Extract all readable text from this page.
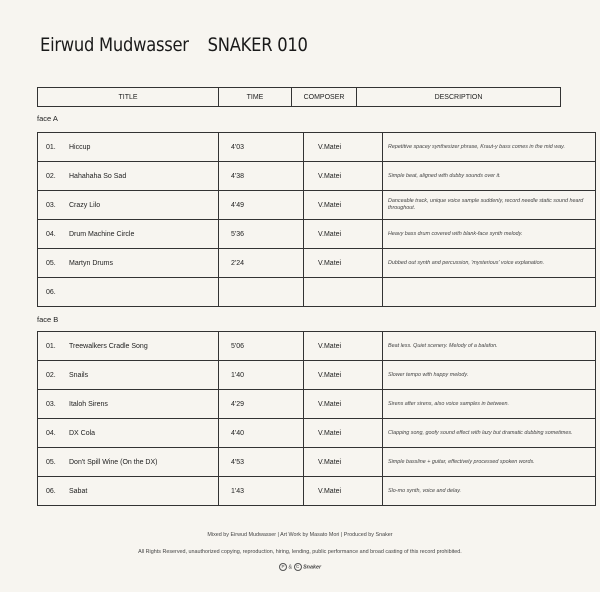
Eirwud Mudwasser SNAKER 010
TITLE	TIME	COMPOSER	DESCRIPTION
face A
01. Hiccup	4'03	V.Matei	Repetitive spacey synthesizer phrase, Kraut-y bass comes in the mid way.
02. Hahahaha So Sad	4'38	V.Matei	Simple beat, aligned with dubby sounds over it.
03. Crazy Lilo	4'49	V.Matei	Danceable track, unique voice sample suddenly, record needle static sound heard throughout.
04. Drum Machine Circle	5'36	V.Matei	Heavy bass drum covered with blank-face synth melody.
05. Martyn Drums	2'24	V.Matei	Dubbed out synth and percussion, 'mysterious' voice explanation.
06.			
face B
01. Treewalkers Cradle Song	5'06	V.Matei	Beat less. Quiet scenery. Melody of a balafon.
02. Snails	1'40	V.Matei	Slower tempo with happy melody.
03. Italoh Sirens	4'29	V.Matei	Sirens after sirens, also voice samples in between.
04. DX Cola	4'40	V.Matei	Clapping song, goofy sound effect with lazy but dramatic dubbing sometimes.
05. Don't Spill Wine (On the DX)	4'53	V.Matei	Simple bassline + guitar, effectively processed spoken words.
06. Sabat	1'43	V.Matei	Slo-mo synth, voice and delay.
Mixed by Eirwud Mudwasser | Art Work by Masato Mori | Produced by Snaker
All Rights Reserved, unauthorized copying, reproduction, hiring, lending, public performance and broad casting of this record prohibited.
P & C Snaker
